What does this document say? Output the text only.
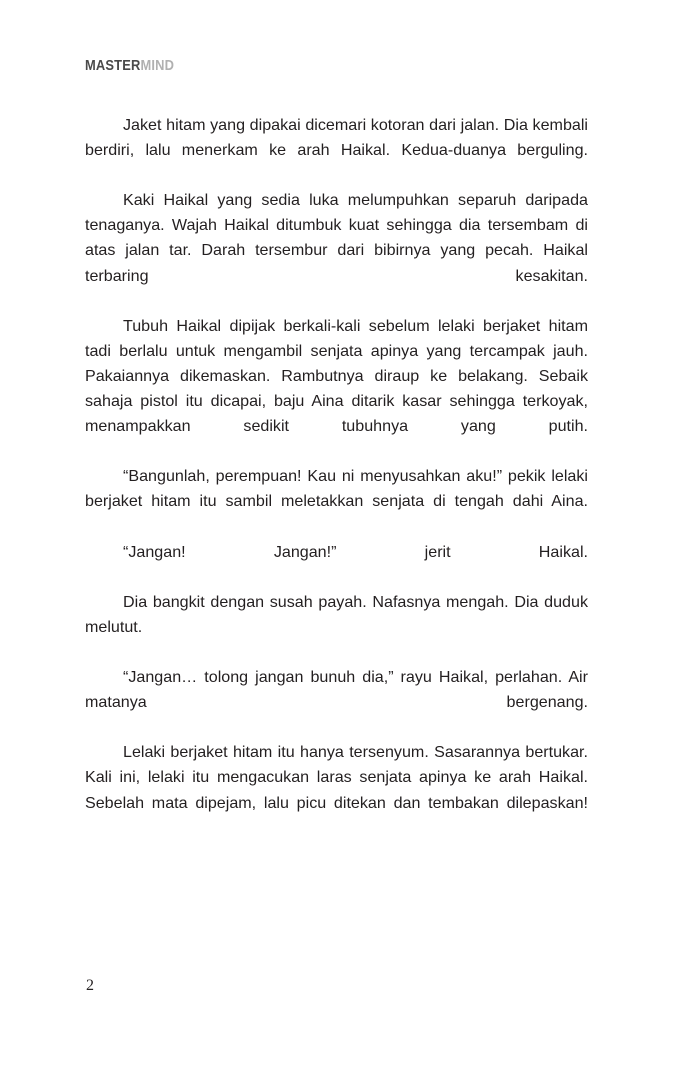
MASTERMIND

Jaket hitam yang dipakai dicemari kotoran dari jalan. Dia kembali berdiri, lalu menerkam ke arah Haikal. Kedua-duanya berguling.

Kaki Haikal yang sedia luka melumpuhkan separuh daripada tenaganya. Wajah Haikal ditumbuk kuat sehingga dia tersembam di atas jalan tar. Darah tersembur dari bibirnya yang pecah. Haikal terbaring kesakitan.

Tubuh Haikal dipijak berkali-kali sebelum lelaki berjaket hitam tadi berlalu untuk mengambil senjata apinya yang tercampak jauh. Pakaiannya dikemaskan. Rambutnya diraup ke belakang. Sebaik sahaja pistol itu dicapai, baju Aina ditarik kasar sehingga terkoyak, menampakkan sedikit tubuhnya yang putih.

“Bangunlah, perempuan! Kau ni menyusahkan aku!” pekik lelaki berjaket hitam itu sambil meletakkan senjata di tengah dahi Aina.

“Jangan! Jangan!” jerit Haikal.

Dia bangkit dengan susah payah. Nafasnya mengah. Dia duduk melutut.

“Jangan… tolong jangan bunuh dia,” rayu Haikal, perlahan. Air matanya bergenang.

Lelaki berjaket hitam itu hanya tersenyum. Sasarannya bertukar. Kali ini, lelaki itu mengacukan laras senjata apinya ke arah Haikal. Sebelah mata dipejam, lalu picu ditekan dan tembakan dilepaskan!

2
